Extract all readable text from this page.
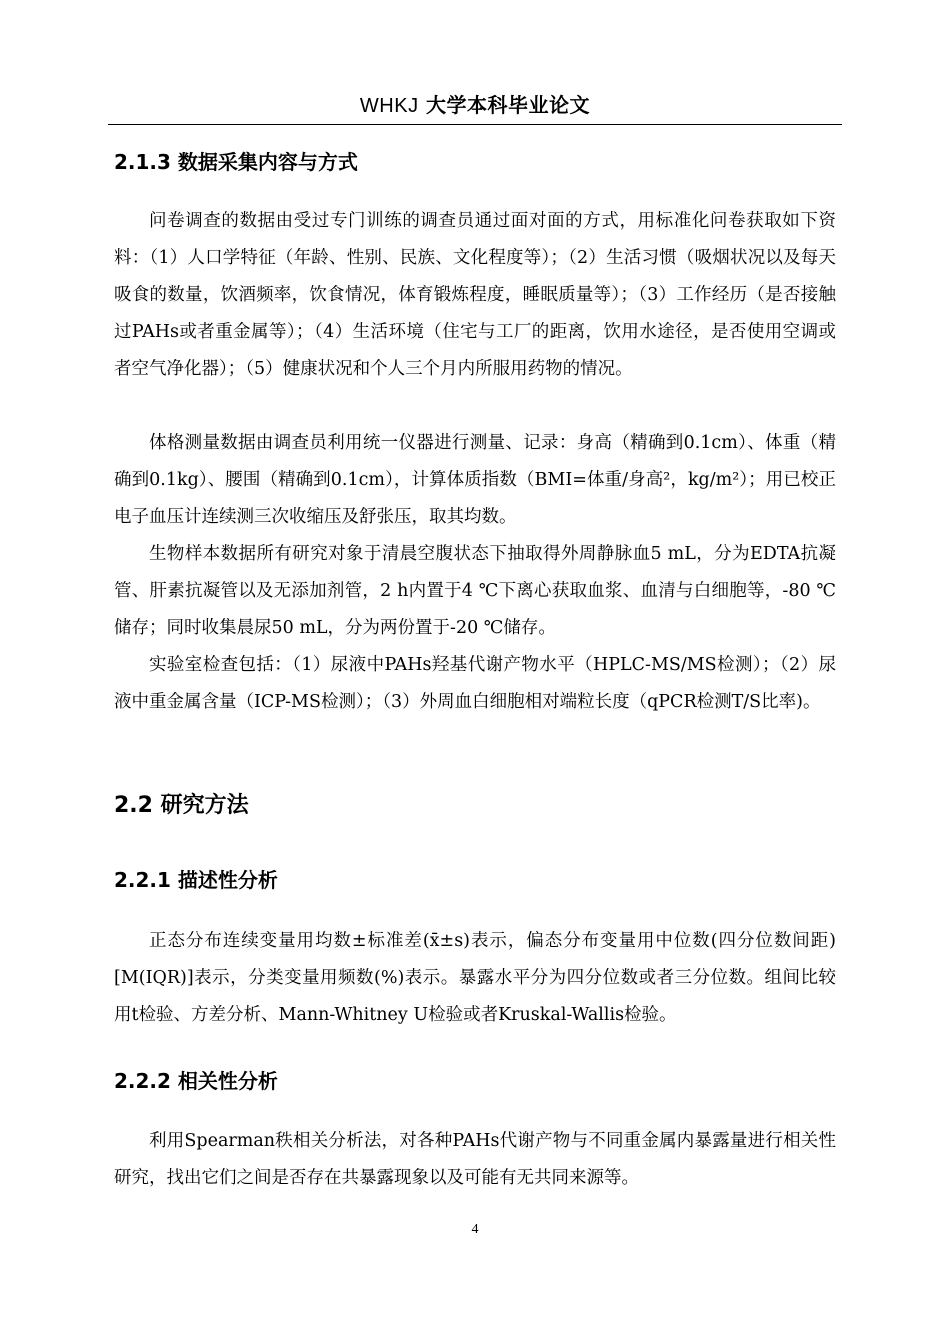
WHKJ 大学本科毕业论文
2.1.3 数据采集内容与方式

问卷调查的数据由受过专门训练的调查员通过面对面的方式，用标准化问卷获取如下资料：（1）人口学特征（年龄、性别、民族、文化程度等）；（2）生活习惯（吸烟状况以及每天吸食的数量，饮酒频率，饮食情况，体育锻炼程度，睡眠质量等）；（3）工作经历（是否接触过PAHs或者重金属等）；（4）生活环境（住宅与工厂的距离，饮用水途径，是否使用空调或者空气净化器）；（5）健康状况和个人三个月内所服用药物的情况。

体格测量数据由调查员利用统一仪器进行测量、记录：身高（精确到0.1cm）、体重（精确到0.1kg）、腰围（精确到0.1cm），计算体质指数（BMI=体重/身高²，kg/m²）；用已校正电子血压计连续测三次收缩压及舒张压，取其均数。

生物样本数据所有研究对象于清晨空腹状态下抽取得外周静脉血5 mL，分为EDTA抗凝管、肝素抗凝管以及无添加剂管，2 h内置于4 ℃下离心获取血浆、血清与白细胞等，-80 ℃储存；同时收集晨尿50 mL，分为两份置于-20 ℃储存。

实验室检查包括：（1）尿液中PAHs羟基代谢产物水平（HPLC-MS/MS检测）；（2）尿液中重金属含量（ICP-MS检测）；（3）外周血白细胞相对端粒长度（qPCR检测T/S比率)。

2.2 研究方法
2.2.1 描述性分析

正态分布连续变量用均数±标准差(x̄±s)表示，偏态分布变量用中位数(四分位数间距)[M(IQR)]表示，分类变量用频数(%)表示。暴露水平分为四分位数或者三分位数。组间比较用t检验、方差分析、Mann-Whitney U检验或者Kruskal-Wallis检验。

2.2.2 相关性分析

利用Spearman秩相关分析法，对各种PAHs代谢产物与不同重金属内暴露量进行相关性研究，找出它们之间是否存在共暴露现象以及可能有无共同来源等。

4
